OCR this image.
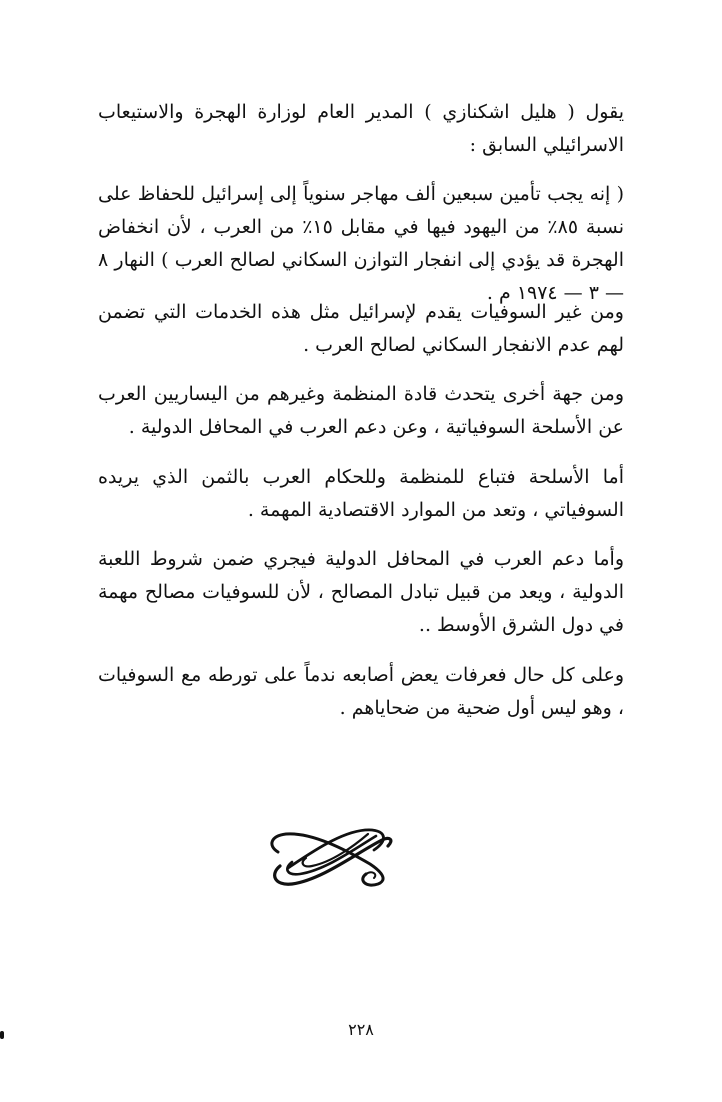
يقول ( هليل اشكنازي ) المدير العام لوزارة الهجرة والاستيعاب الاسرائيلي السابق :

( إنه يجب تأمين سبعين ألف مهاجر سنوياً إلى إسرائيل للحفاظ على نسبة ٨٥٪ من اليهود فيها في مقابل ١٥٪ من العرب ، لأن انخفاض الهجرة قد يؤدي إلى انفجار التوازن السكاني لصالح العرب ) النهار ٨ — ٣ — ١٩٧٤ م .

ومن غير السوفيات يقدم لإسرائيل مثل هذه الخدمات التي تضمن لهم عدم الانفجار السكاني لصالح العرب .

ومن جهة أخرى يتحدث قادة المنظمة وغيرهم من اليساريين العرب عن الأسلحة السوفياتية ، وعن دعم العرب في المحافل الدولية .

أما الأسلحة فتباع للمنظمة وللحكام العرب بالثمن الذي يريده السوفياتي ، وتعد من الموارد الاقتصادية المهمة .

وأما دعم العرب في المحافل الدولية فيجري ضمن شروط اللعبة الدولية ، ويعد من قبيل تبادل المصالح ، لأن للسوفيات مصالح مهمة في دول الشرق الأوسط ..

وعلى كل حال فعرفات يعض أصابعه ندماً على تورطه مع السوفيات ، وهو ليس أول ضحية من ضحاياهم .

٢٢٨
